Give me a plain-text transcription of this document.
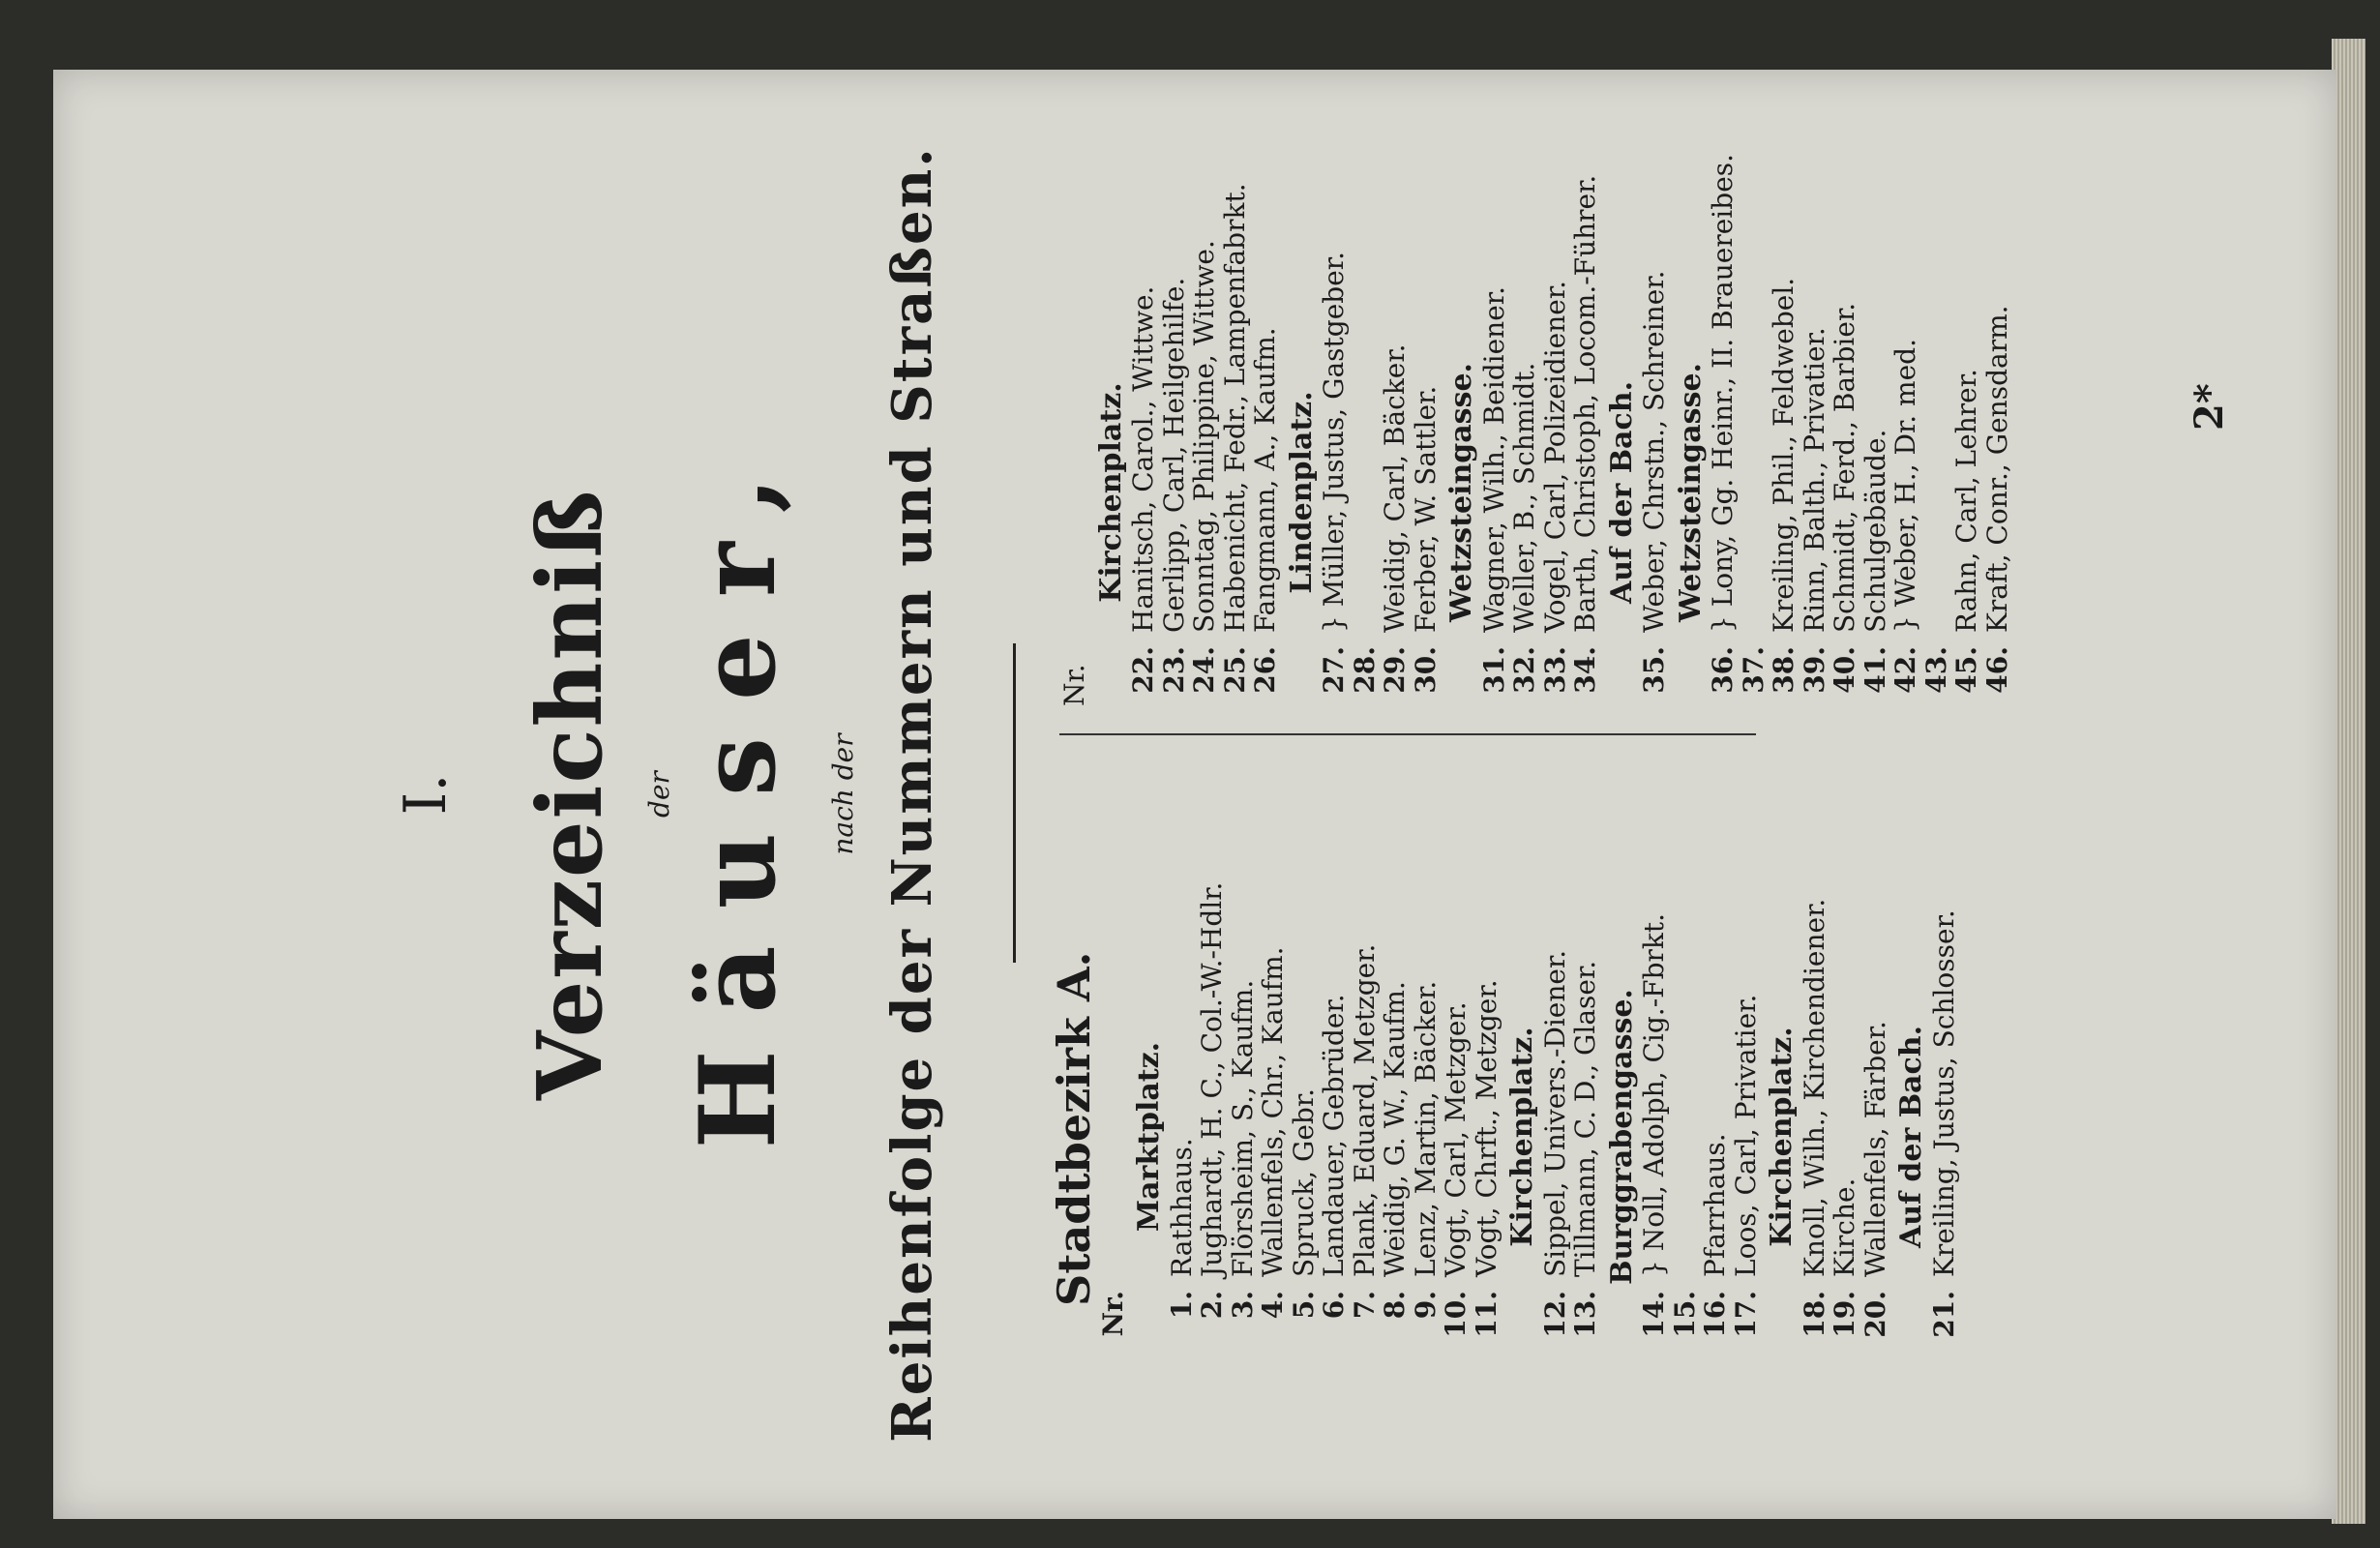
I. Verzeichniß der Häuser, nach der Reihenfolge der Nummern und Straßen. Stadtbezirk A.
Nr.
Marktplatz.
1.
Rathhaus.
2.
Jughardt, H. C., Col.-W.-Hdlr.
3.
Flörsheim, S., Kaufm.
4.
Wallenfels, Chr., Kaufm.
5.
Spruck, Gebr.
6.
Landauer, Gebrüder.
7.
Plank, Eduard, Metzger.
8.
Weidig, G. W., Kaufm.
9.
Lenz, Martin, Bäcker.
10.
Vogt, Carl, Metzger.
11.
Vogt, Chrft., Metzger. Kirchenplatz.
12.
Sippel, Univers.-Diener.
13.
Tillmann, C. D., Glaser. Burggrabengasse.
14.
} Noll, Adolph, Cig.-Fbrkt.
15.
16.
Pfarrhaus.
17.
Loos, Carl, Privatier. Kirchenplatz.
18.
Knoll, Wilh., Kirchendiener.
19.
Kirche.
20.
Wallenfels, Färber. Auf der Bach.
21.
Kreiling, Justus, Schlosser.
Nr.
Kirchenplatz.
22.
Hanitsch, Carol., Wittwe.
23.
Gerlipp, Carl, Heilgehilfe.
24.
Sonntag, Philippine, Wittwe.
25.
Habenicht, Fedr., Lampenfabrkt.
26.
Fangmann, A., Kaufm. Lindenplatz.
27.
} Müller, Justus, Gastgeber.
28.
29.
Weidig, Carl, Bäcker.
30.
Ferber, W. Sattler. Wetzsteingasse.
31.
Wagner, Wilh., Beidiener.
32.
Weller, B., Schmidt.
33.
Vogel, Carl, Polizeidiener.
34.
Barth, Christoph, Locom.-Führer. Auf der Bach.
35.
Weber, Chrstn., Schreiner. Wetzsteingasse.
36.
} Lony, Gg. Heinr., II. Brauereibes.
37.
38.
Kreiling, Phil., Feldwebel.
39.
Rinn, Balth., Privatier.
40.
Schmidt, Ferd., Barbier.
41.
Schulgebäude.
42.
} Weber, H., Dr. med.
43.
45.
Rahn, Carl, Lehrer.
46.
Kraft, Conr., Gensdarm.	2*
